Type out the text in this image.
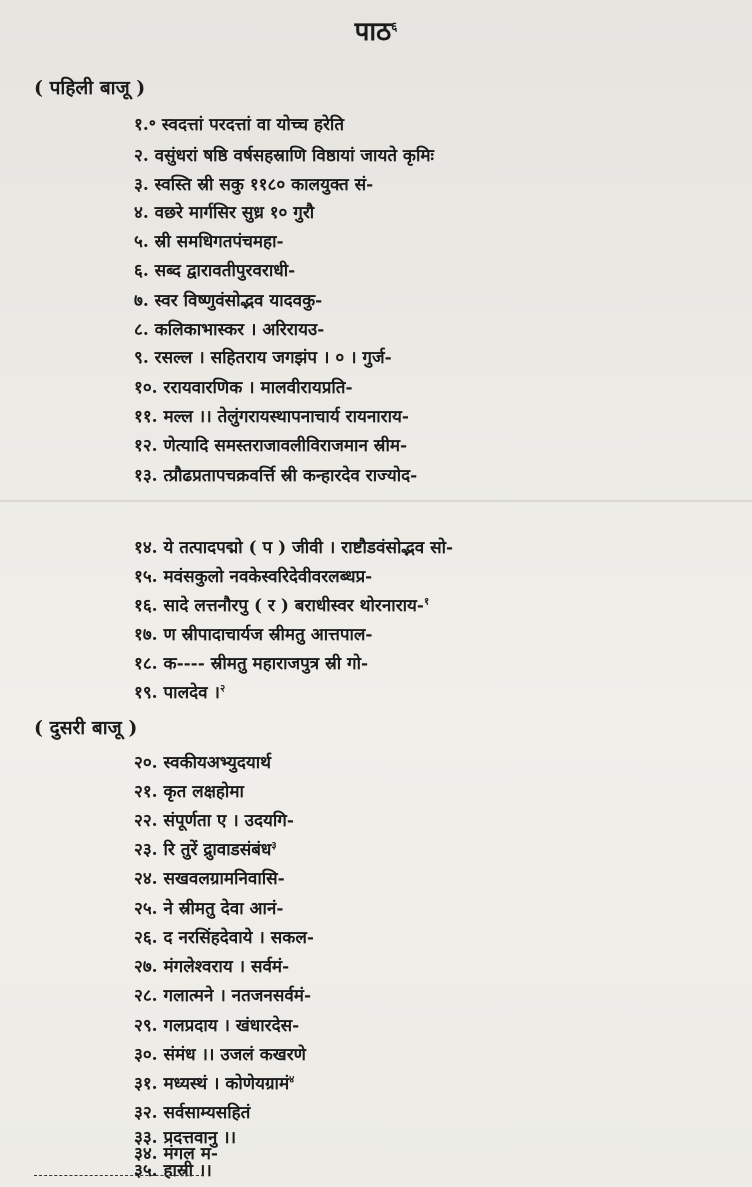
पाठ$^६$
( पहिली बाजू )
१.॰ स्वदत्तां परदत्तां वा योच्च हरेति
२. वसुंधरां षष्ठि वर्षसहस्राणि विष्ठायां जायते कृमिः
३. स्वस्ति स्री सकु ११८० कालयुक्त सं-
४. वछरे मार्गसिर सुध्र १० गुरौ
५. स्री समधिगतपंचमहा-
६. सब्द द्वारावतीपुरवराधी-
७. स्वर विष्णुवंसोद्भव यादवकु-
८. कलिकाभास्कर । अरिरायउ-
९. रसल्ल । सहितराय जगझंप । ० । गुर्ज-
१०. ररायवारणिक । मालवीरायप्रति-
११. मल्ल ।। तेलुंगरायस्थापनाचार्य रायनाराय-
१२. णेत्यादि समस्तराजावलीविराजमान स्रीम-
१३. त्प्रौढप्रतापचक्रवर्त्ति स्री कन्हारदेव राज्योद-
१४. ये तत्पादपद्मो ( प ) जीवी । राष्टौडवंसोद्भव सो-
१५. मवंसकुलो नवकेस्वरिदेवीवरलब्धप्र-
१६. सादे लत्तनौरपु ( र ) बराधीस्वर थोरनाराय-$^१$
१७. ण स्रीपादाचार्यज स्रीमतु आत्तपाल-
१८. क---- स्रीमतु महाराजपुत्र स्री गो-
१९. पालदेव ।$^२$
( दुसरी बाजू )
२०. स्वकीयअभ्युदयार्थ
२१. कृत लक्षहोमा
२२. संपूर्णता ए । उदयगि-
२३. रि तुरें द्रुावाडसंबंध$^३$
२४. सखवलग्रामनिवासि-
२५. ने स्रीमतु देवा आनं-
२६. द नरसिंहदेवाये । सकल-
२७. मंगलेश्वराय । सर्वमं-
२८. गलात्मने । नतजनसर्वमं-
२९. गलप्रदाय । खंधारदेस-
३०. संमंध ।। उजलं कखरणे
३१. मध्यस्थं । कोणेयग्रामं$^४$
३२. सर्वसाम्यसहितं
३३. प्रदत्तवानु ।।
३४. मंगल म-
३५. हास्री ।।
